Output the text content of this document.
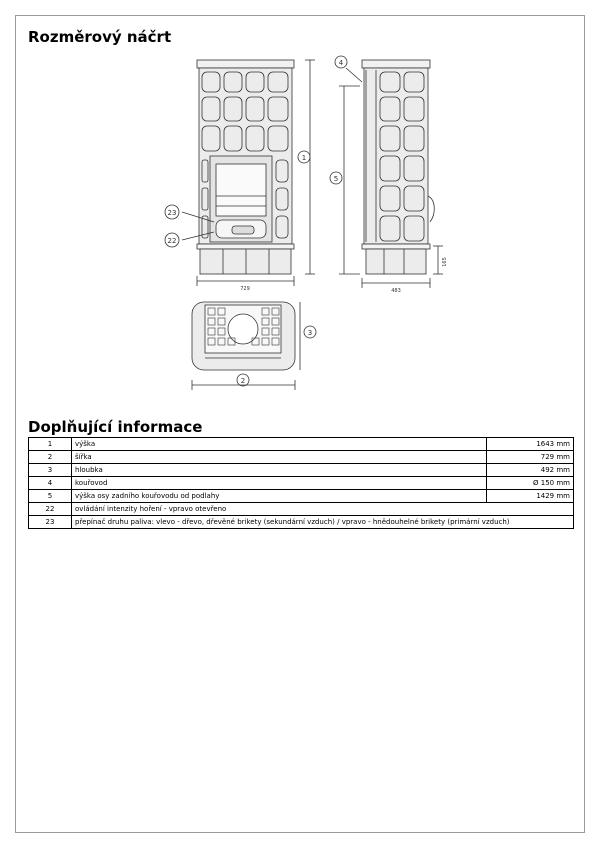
Rozměrový náčrt
1
2
3
4
5
22
23
729	483
165
Doplňující informace
1	výška	1643 mm
2	šířka	729 mm
3	hloubka	492 mm
4	kouřovod	Ø 150 mm
5	výška osy zadního kouřovodu od podlahy	1429 mm
22	ovládání intenzity hoření - vpravo otevřeno	
23	přepínač druhu paliva: vlevo - dřevo, dřevěné brikety (sekundární vzduch) / vpravo - hnědouhelné brikety (primární vzduch)	
